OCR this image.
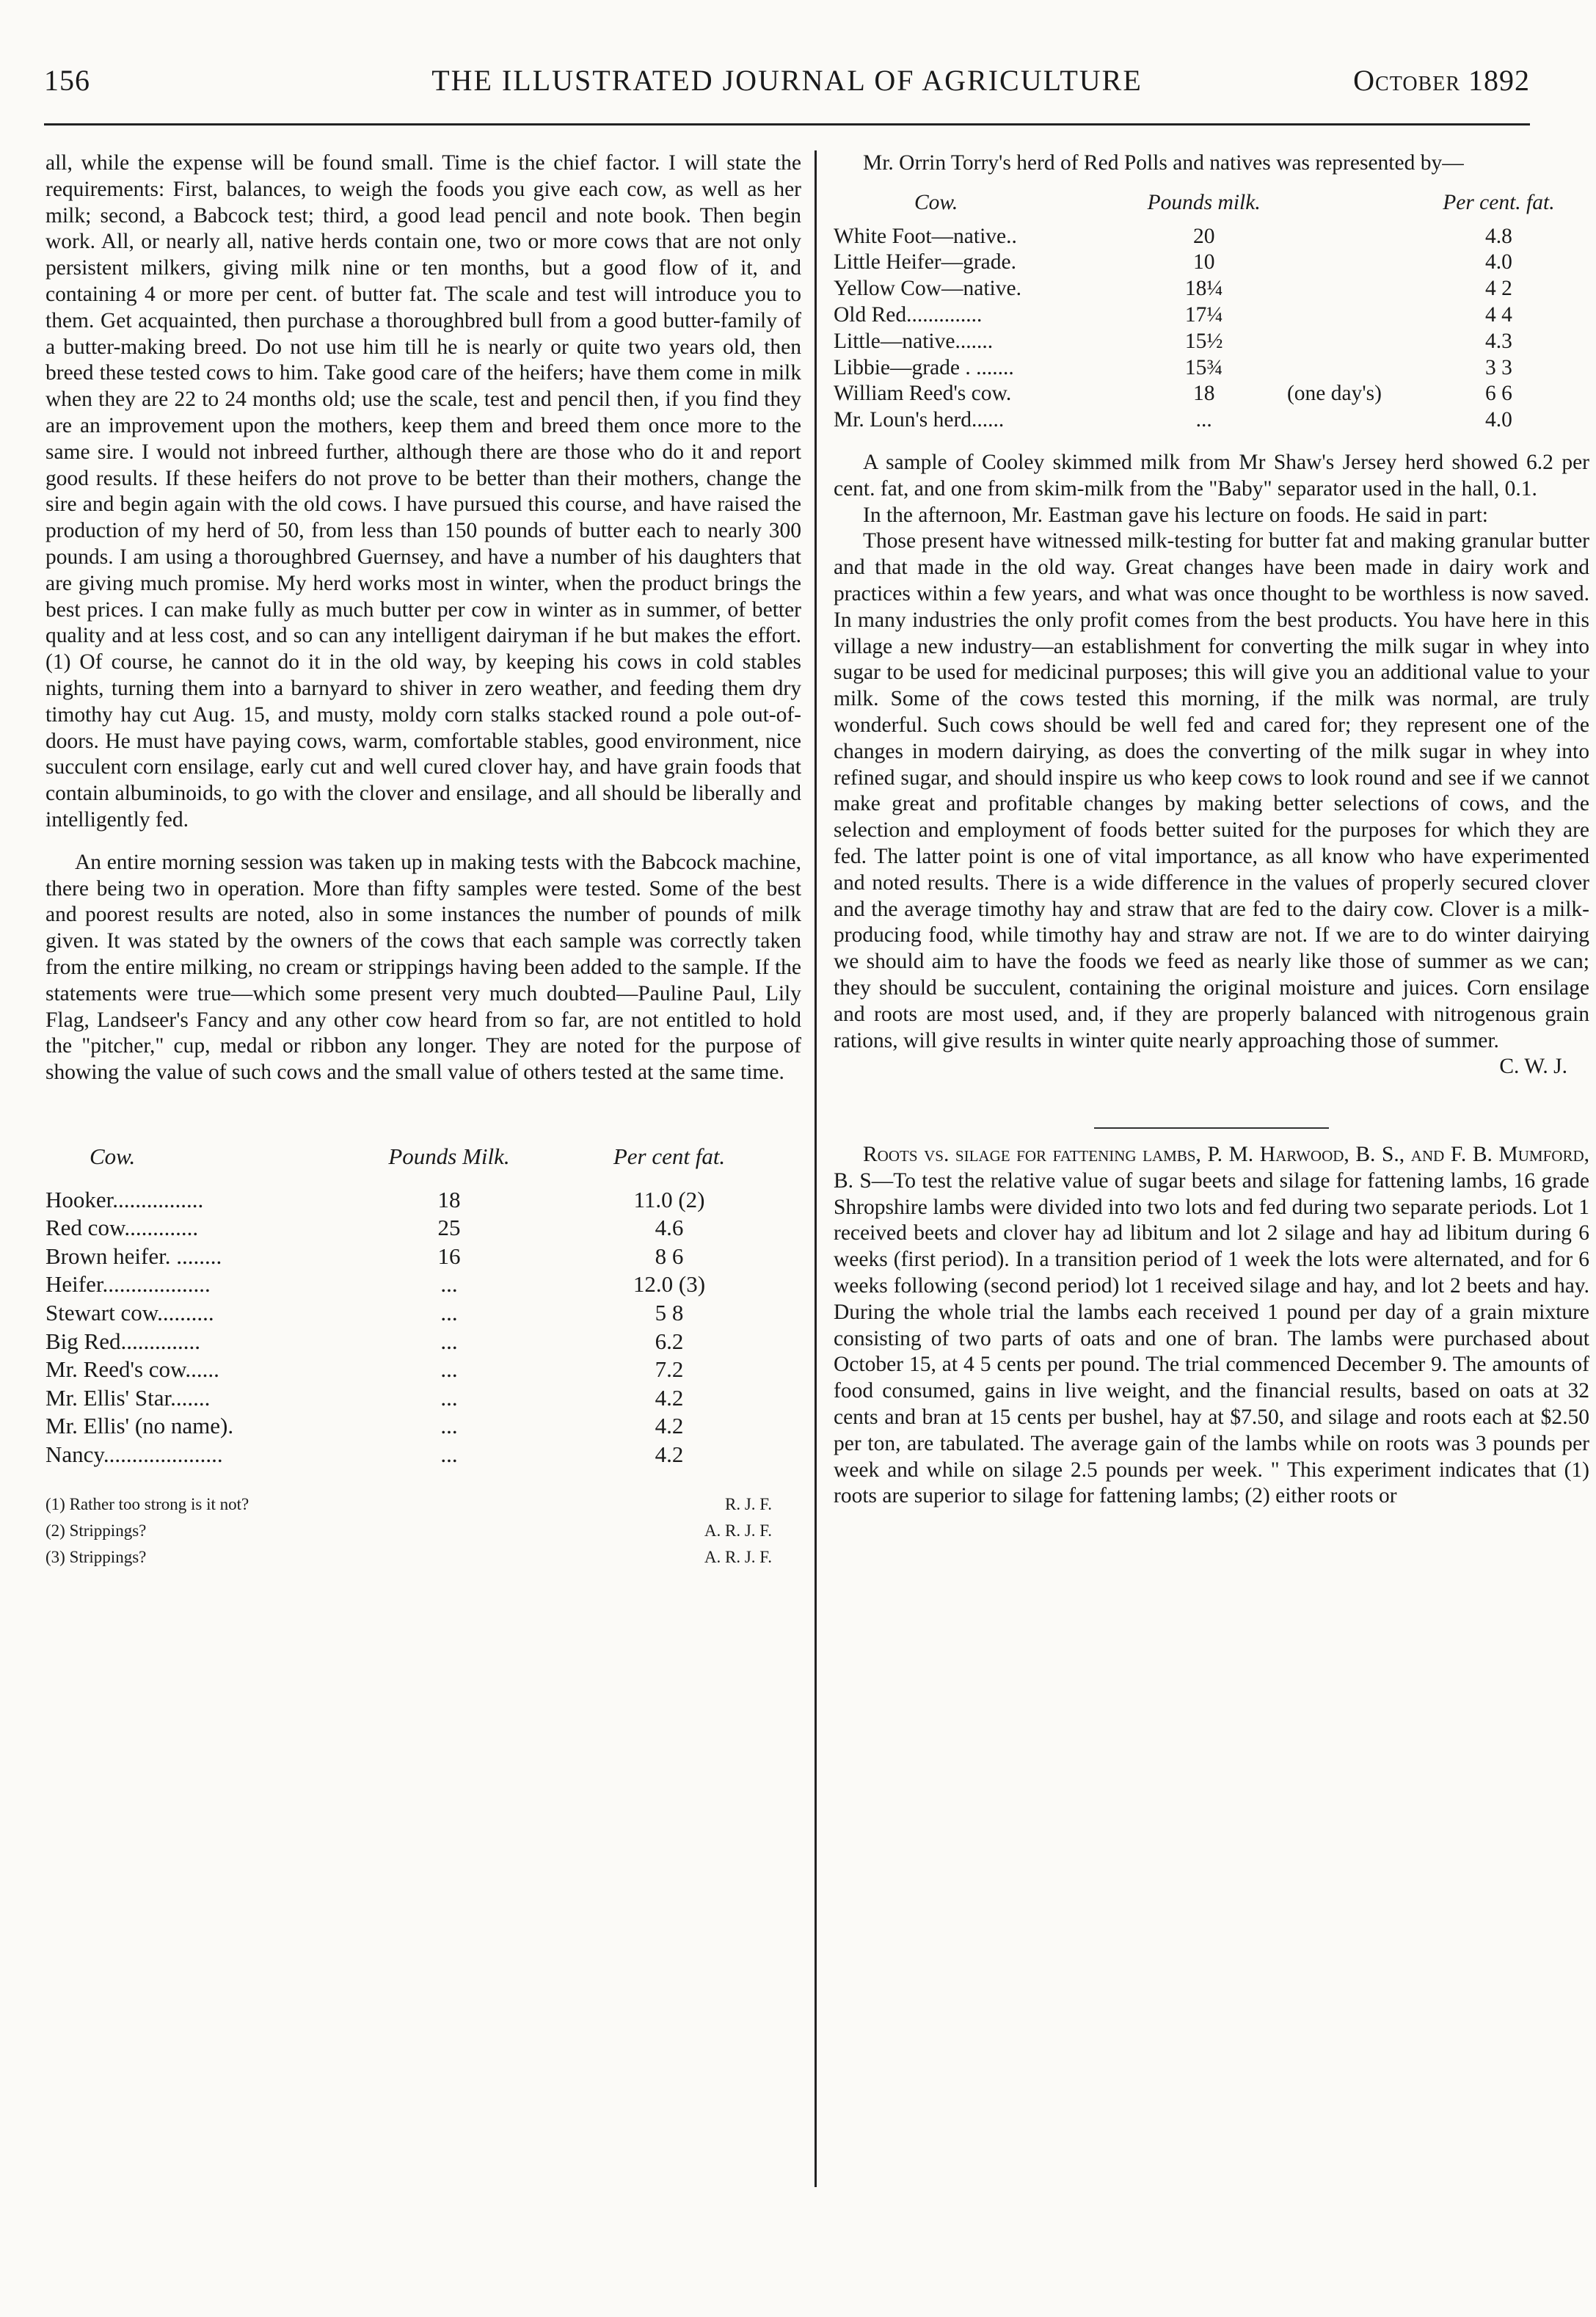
156	THE ILLUSTRATED JOURNAL OF AGRICULTURE	October 1892

all, while the expense will be found small. Time is the chief factor. I will state the requirements: First, balances, to weigh the foods you give each cow, as well as her milk; second, a Babcock test; third, a good lead pencil and note book. Then begin work. All, or nearly all, native herds contain one, two or more cows that are not only persistent milkers, giving milk nine or ten months, but a good flow of it, and containing 4 or more per cent. of butter fat. The scale and test will introduce you to them. Get acquainted, then purchase a thoroughbred bull from a good butter-family of a butter-making breed. Do not use him till he is nearly or quite two years old, then breed these tested cows to him. Take good care of the heifers; have them come in milk when they are 22 to 24 months old; use the scale, test and pencil then, if you find they are an improvement upon the mothers, keep them and breed them once more to the same sire. I would not inbreed further, although there are those who do it and report good results. If these heifers do not prove to be better than their mothers, change the sire and begin again with the old cows. I have pursued this course, and have raised the production of my herd of 50, from less than 150 pounds of butter each to nearly 300 pounds. I am using a thoroughbred Guernsey, and have a number of his daughters that are giving much promise. My herd works most in winter, when the product brings the best prices. I can make fully as much butter per cow in winter as in summer, of better quality and at less cost, and so can any intelligent dairyman if he but makes the effort. (1) Of course, he cannot do it in the old way, by keeping his cows in cold stables nights, turning them into a barnyard to shiver in zero weather, and feeding them dry timothy hay cut Aug. 15, and musty, moldy corn stalks stacked round a pole out-of-doors. He must have paying cows, warm, comfortable stables, good environment, nice succulent corn ensilage, early cut and well cured clover hay, and have grain foods that contain albuminoids, to go with the clover and ensilage, and all should be liberally and intelligently fed.

An entire morning session was taken up in making tests with the Babcock machine, there being two in operation. More than fifty samples were tested. Some of the best and poorest results are noted, also in some instances the number of pounds of milk given. It was stated by the owners of the cows that each sample was correctly taken from the entire milking, no cream or strippings having been added to the sample. If the statements were true—which some present very much doubted—Pauline Paul, Lily Flag, Landseer's Fancy and any other cow heard from so far, are not entitled to hold the "pitcher," cup, medal or ribbon any longer. They are noted for the purpose of showing the value of such cows and the small value of others tested at the same time.

Cow.	Pounds Milk.	Per cent fat.
Hooker................	18	11.0 (2)
Red cow.............	25	4.6
Brown heifer. ........	16	8 6
Heifer...................	...	12.0 (3)
Stewart cow..........	...	5 8
Big Red..............	...	6.2
Mr. Reed's cow......	...	7.2
Mr. Ellis' Star.......	...	4.2
Mr. Ellis' (no name).	...	4.2
Nancy.....................	...	4.2
(1) Rather too strong is it not?	R. J. F.
(2) Strippings?	A. R. J. F.
(3) Strippings?	A. R. J. F.

Mr. Orrin Torry's herd of Red Polls and natives was represented by—

Cow.	Pounds milk.		Per cent. fat.
White Foot—native..	20		4.8
Little Heifer—grade.	10		4.0
Yellow Cow—native.	18¼		4 2
Old Red..............	17¼		4 4
Little—native.......	15½		4.3
Libbie—grade . .......	15¾		3 3
William Reed's cow.	18	(one day's)	6 6
Mr. Loun's herd......	...		4.0

A sample of Cooley skimmed milk from Mr Shaw's Jersey herd showed 6.2 per cent. fat, and one from skim-milk from the "Baby" separator used in the hall, 0.1.

In the afternoon, Mr. Eastman gave his lecture on foods. He said in part:

Those present have witnessed milk-testing for butter fat and making granular butter and that made in the old way. Great changes have been made in dairy work and practices within a few years, and what was once thought to be worthless is now saved. In many industries the only profit comes from the best products. You have here in this village a new industry—an establishment for converting the milk sugar in whey into sugar to be used for medicinal purposes; this will give you an additional value to your milk. Some of the cows tested this morning, if the milk was normal, are truly wonderful. Such cows should be well fed and cared for; they represent one of the changes in modern dairying, as does the converting of the milk sugar in whey into refined sugar, and should inspire us who keep cows to look round and see if we cannot make great and profitable changes by making better selections of cows, and the selection and employment of foods better suited for the purposes for which they are fed. The latter point is one of vital importance, as all know who have experimented and noted results. There is a wide difference in the values of properly secured clover and the average timothy hay and straw that are fed to the dairy cow. Clover is a milk-producing food, while timothy hay and straw are not. If we are to do winter dairying we should aim to have the foods we feed as nearly like those of summer as we can; they should be succulent, containing the original moisture and juices. Corn ensilage and roots are most used, and, if they are properly balanced with nitrogenous grain rations, will give results in winter quite nearly approaching those of summer.

C. W. J.

Roots vs. silage for fattening lambs, P. M. Harwood, B. S., and F. B. Mumford, B. S—To test the relative value of sugar beets and silage for fattening lambs, 16 grade Shropshire lambs were divided into two lots and fed during two separate periods. Lot 1 received beets and clover hay ad libitum and lot 2 silage and hay ad libitum during 6 weeks (first period). In a transition period of 1 week the lots were alternated, and for 6 weeks following (second period) lot 1 received silage and hay, and lot 2 beets and hay. During the whole trial the lambs each received 1 pound per day of a grain mixture consisting of two parts of oats and one of bran. The lambs were purchased about October 15, at 4 5 cents per pound. The trial commenced December 9. The amounts of food consumed, gains in live weight, and the financial results, based on oats at 32 cents and bran at 15 cents per bushel, hay at $7.50, and silage and roots each at $2.50 per ton, are tabulated. The average gain of the lambs while on roots was 3 pounds per week and while on silage 2.5 pounds per week. " This experiment indicates that (1) roots are superior to silage for fattening lambs; (2) either roots or
